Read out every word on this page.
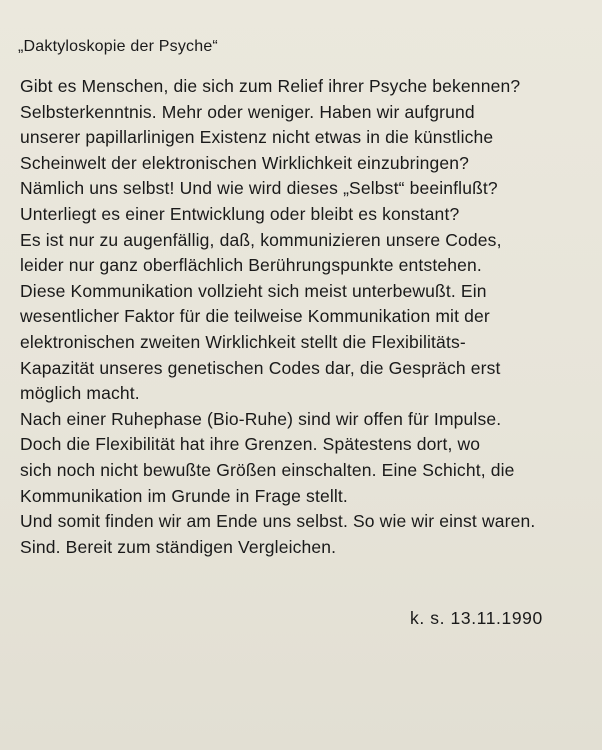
„Daktyloskopie der Psyche“
Gibt es Menschen, die sich zum Relief ihrer Psyche bekennen?
Selbsterkenntnis. Mehr oder weniger. Haben wir aufgrund
unserer papillarlinigen Existenz nicht etwas in die künstliche
Scheinwelt der elektronischen Wirklichkeit einzubringen?
Nämlich uns selbst! Und wie wird dieses „Selbst“ beeinflußt?
Unterliegt es einer Entwicklung oder bleibt es konstant?
Es ist nur zu augenfällig, daß, kommunizieren unsere Codes,
leider nur ganz oberflächlich Berührungspunkte entstehen.
Diese Kommunikation vollzieht sich meist unterbewußt. Ein
wesentlicher Faktor für die teilweise Kommunikation mit der
elektronischen zweiten Wirklichkeit stellt die Flexibilitäts-
Kapazität unseres genetischen Codes dar, die Gespräch erst
möglich macht.
Nach einer Ruhephase (Bio-Ruhe) sind wir offen für Impulse.
Doch die Flexibilität hat ihre Grenzen. Spätestens dort, wo
sich noch nicht bewußte Größen einschalten. Eine Schicht, die
Kommunikation im Grunde in Frage stellt.
Und somit finden wir am Ende uns selbst. So wie wir einst waren.
Sind. Bereit zum ständigen Vergleichen.
k. s. 13.11.1990
